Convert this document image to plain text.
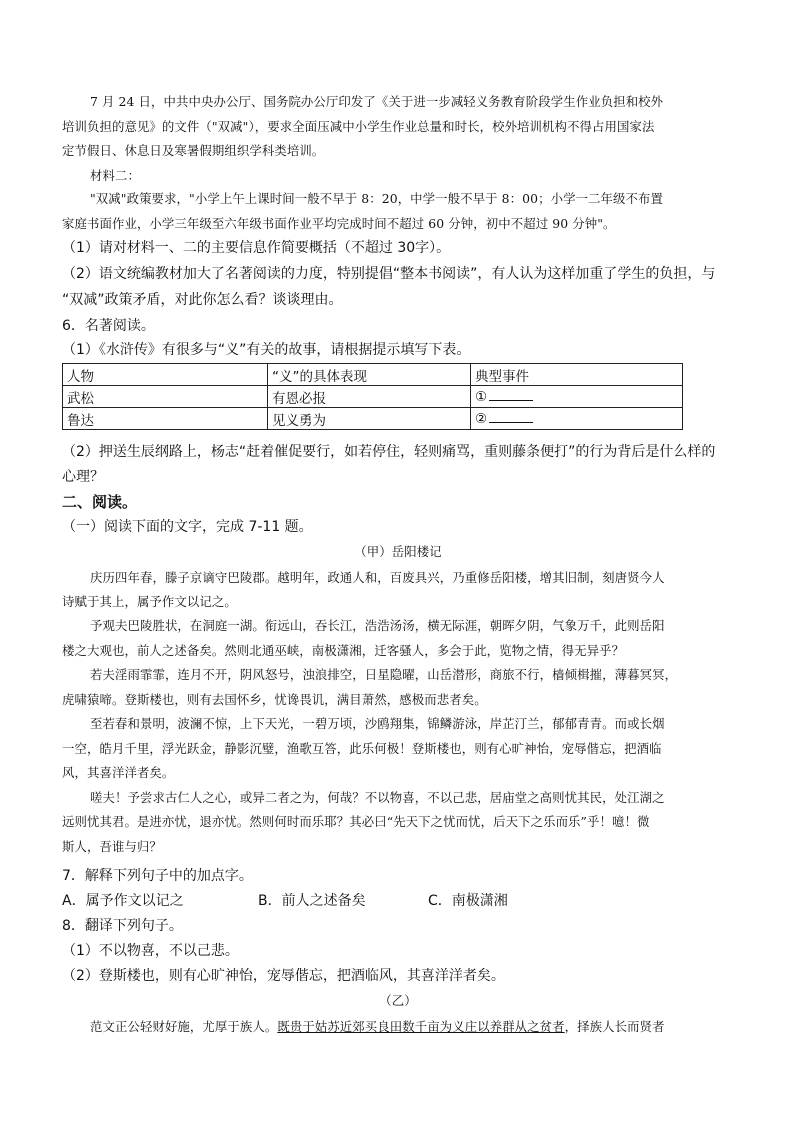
7 月 24 日，中共中央办公厅、国务院办公厅印发了《关于进一步减轻义务教育阶段学生作业负担和校外
培训负担的意见》的文件（"双减"），要求全面压减中小学生作业总量和时长，校外培训机构不得占用国家法
定节假日、休息日及寒暑假期组织学科类培训。
材料二：
"双减"政策要求，"小学上午上课时间一般不早于 8：20，中学一般不早于 8：00；小学一二年级不布置
家庭书面作业，小学三年级至六年级书面作业平均完成时间不超过 60 分钟，初中不超过 90 分钟"。
（1）请对材料一、二的主要信息作简要概括（不超过 30字）。
（2）语文统编教材加大了名著阅读的力度，特别提倡“整本书阅读”，有人认为这样加重了学生的负担，与
“双减”政策矛盾，对此你怎么看？谈谈理由。
6．名著阅读。
（1）《水浒传》有很多与“义”有关的故事，请根据提示填写下表。
人物	“义”的具体表现	典型事件
武松	有恩必报	①
鲁达	见义勇为	②
（2）押送生辰纲路上，杨志“赶着催促要行，如若停住，轻则痛骂，重则藤条便打”的行为背后是什么样的
心理？
二、阅读。
（一）阅读下面的文字，完成 7-11 题。
（甲）岳阳楼记
庆历四年春，滕子京谪守巴陵郡。越明年，政通人和，百废具兴，乃重修岳阳楼，增其旧制，刻唐贤今人
诗赋于其上，属予作文以记之。
予观夫巴陵胜状，在洞庭一湖。衔远山，吞长江，浩浩汤汤，横无际涯，朝晖夕阴，气象万千，此则岳阳
楼之大观也，前人之述备矣。然则北通巫峡，南极潇湘，迁客骚人，多会于此，览物之情，得无异乎？
若夫淫雨霏霏，连月不开，阴风怒号，浊浪排空，日星隐曜，山岳潜形，商旅不行，樯倾楫摧，薄暮冥冥，
虎啸猿啼。登斯楼也，则有去国怀乡，忧谗畏讥，满目萧然，感极而悲者矣。
至若春和景明，波澜不惊，上下天光，一碧万顷，沙鸥翔集，锦鳞游泳，岸芷汀兰，郁郁青青。而或长烟
一空，皓月千里，浮光跃金，静影沉璧，渔歌互答，此乐何极！登斯楼也，则有心旷神怡，宠辱偕忘，把酒临
风，其喜洋洋者矣。
嗟夫！予尝求古仁人之心，或异二者之为，何哉？不以物喜，不以己悲，居庙堂之高则忧其民，处江湖之
远则忧其君。是进亦忧，退亦忧。然则何时而乐耶？其必曰“先天下之忧而忧，后天下之乐而乐”乎！噫！微
斯人，吾谁与归？
7．解释下列句子中的加点字。
A．属予作文以记之	B．前人之述备矣	C．南极潇湘
8．翻译下列句子。
（1）不以物喜，不以己悲。
（2）登斯楼也，则有心旷神怡，宠辱偕忘，把酒临风，其喜洋洋者矣。
（乙）
范文正公轻财好施，尤厚于族人。既贵于姑苏近郊买良田数千亩为义庄以养群从之贫者，择族人长而贤者
